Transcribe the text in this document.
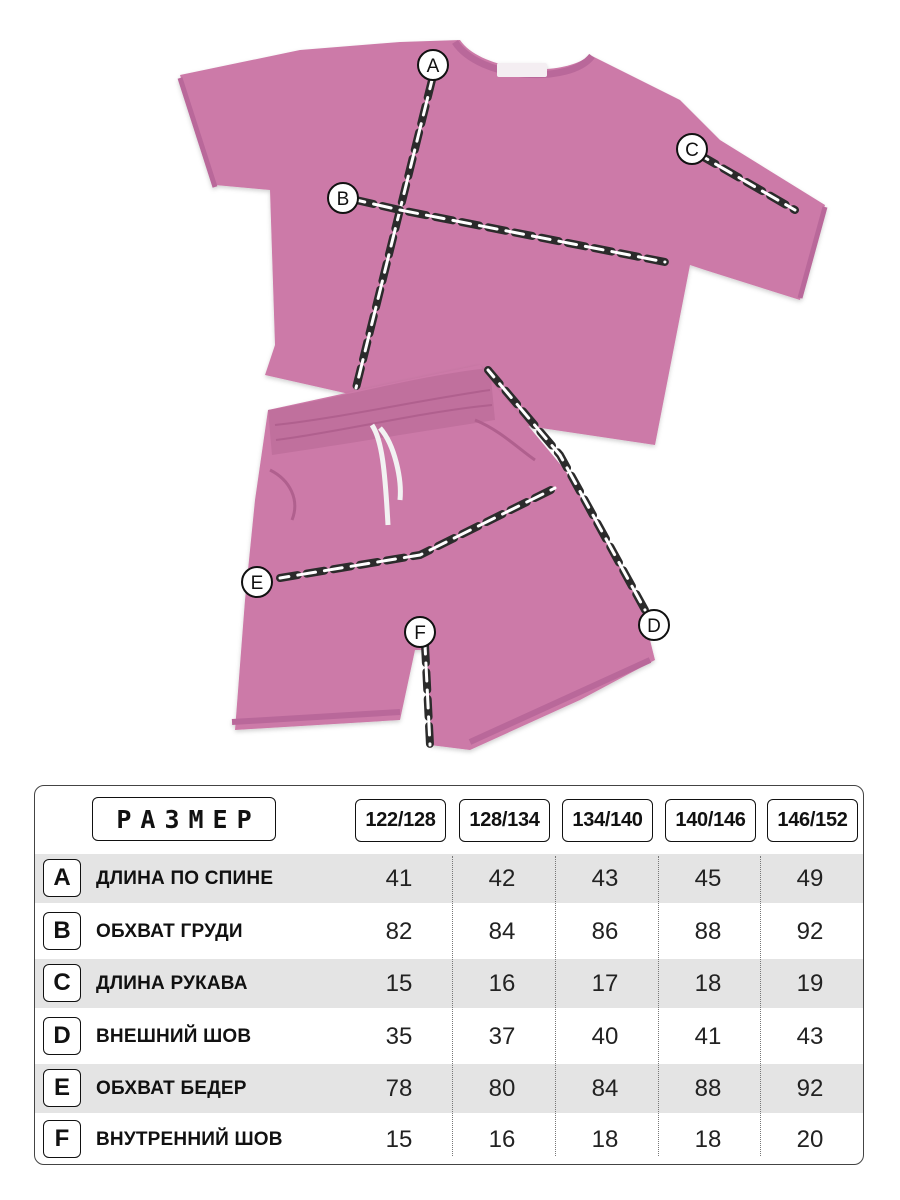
A
B
C
D
E
F
РАЗМЕР	122/128	128/134	134/140	140/146	146/152
A	ДЛИНА ПО СПИНЕ	41	42	43	45	49
B	ОБХВАТ ГРУДИ	82	84	86	88	92
C	ДЛИНА РУКАВА	15	16	17	18	19
D	ВНЕШНИЙ ШОВ	35	37	40	41	43
E	ОБХВАТ БЕДЕР	78	80	84	88	92
F	ВНУТРЕННИЙ ШОВ	15	16	18	18	20
